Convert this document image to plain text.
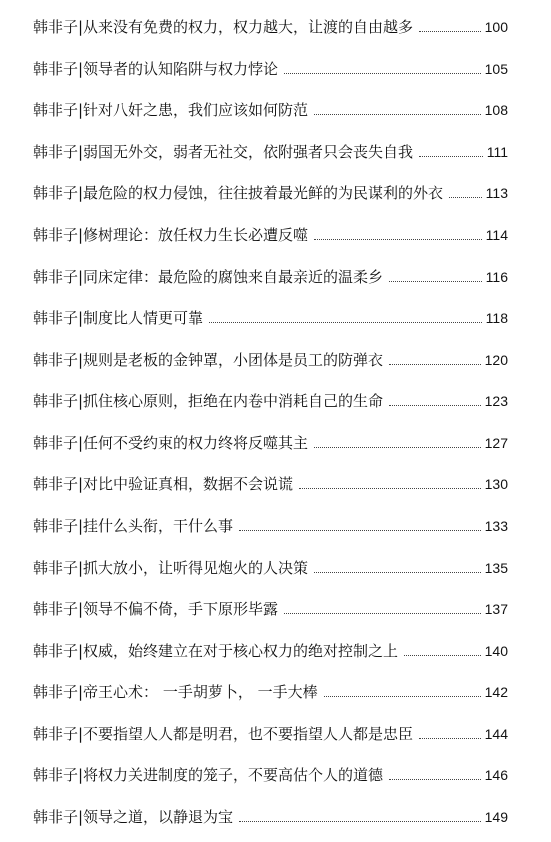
韩非子|从来没有免费的权力，权力越大，让渡的自由越多	100
韩非子|领导者的认知陷阱与权力悖论	105
韩非子|针对八奸之患，我们应该如何防范	108
韩非子|弱国无外交，弱者无社交，依附强者只会丧失自我	111
韩非子|最危险的权力侵蚀，往往披着最光鲜的为民谋利的外衣	113
韩非子|修树理论：放任权力生长必遭反噬	114
韩非子|同床定律：最危险的腐蚀来自最亲近的温柔乡	116
韩非子|制度比人情更可靠	118
韩非子|规则是老板的金钟罩，小团体是员工的防弹衣	120
韩非子|抓住核心原则，拒绝在内卷中消耗自己的生命	123
韩非子|任何不受约束的权力终将反噬其主	127
韩非子|对比中验证真相，数据不会说谎	130
韩非子|挂什么头衔，干什么事	133
韩非子|抓大放小，让听得见炮火的人决策	135
韩非子|领导不偏不倚，手下原形毕露	137
韩非子|权威，始终建立在对于核心权力的绝对控制之上	140
韩非子|帝王心术： 一手胡萝卜， 一手大棒	142
韩非子|不要指望人人都是明君，也不要指望人人都是忠臣	144
韩非子|将权力关进制度的笼子，不要高估个人的道德	146
韩非子|领导之道，以静退为宝	149
